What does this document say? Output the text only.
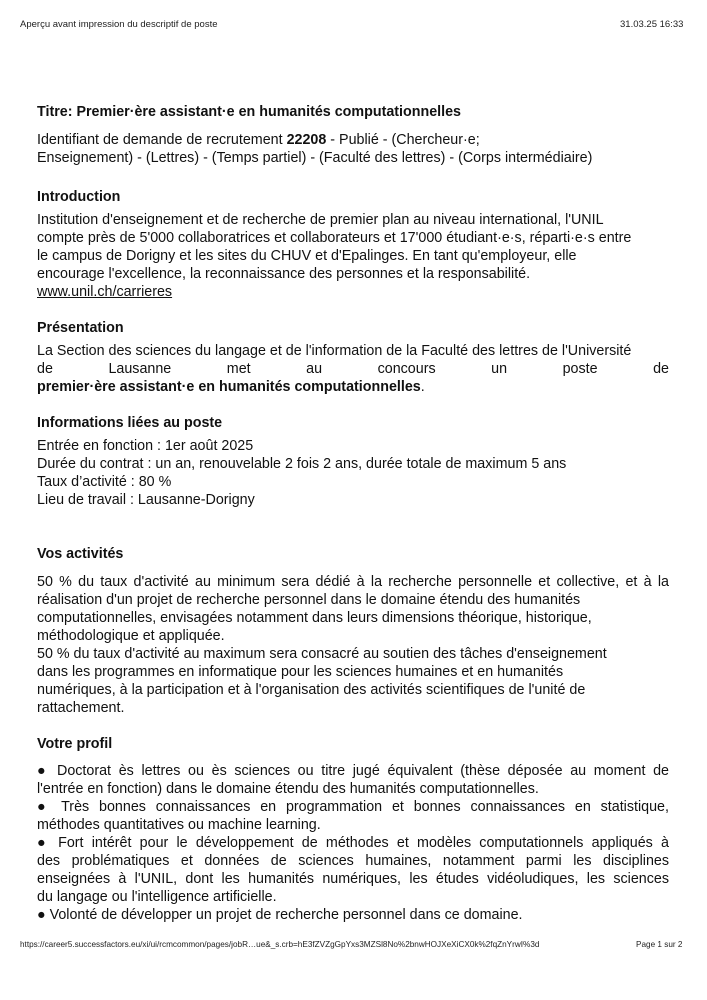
Aperçu avant impression du descriptif de poste	31.03.25 16:33
Titre: Premier·ère assistant·e en humanités computationnelles
Identifiant de demande de recrutement 22208 - Publié - (Chercheur·e;
Enseignement) - (Lettres) - (Temps partiel) - (Faculté des lettres) - (Corps intermédiaire)
Introduction
Institution d'enseignement et de recherche de premier plan au niveau international, l'UNIL
compte près de 5'000 collaboratrices et collaborateurs et 17'000 étudiant·e·s, réparti·e·s entre
le campus de Dorigny et les sites du CHUV et d'Epalinges. En tant qu'employeur, elle
encourage l'excellence, la reconnaissance des personnes et la responsabilité.
www.unil.ch/carrieres
Présentation
La Section des sciences du langage et de l'information de la Faculté des lettres de l'Université
de	Lausanne	met	au	concours	un	poste	de
premier·ère assistant·e en humanités computationnelles.
Informations liées au poste
Entrée en fonction : 1er août 2025
Durée du contrat : un an, renouvelable 2 fois 2 ans, durée totale de maximum 5 ans
Taux d’activité : 80 %
Lieu de travail : Lausanne-Dorigny
Vos activités
50 % du taux d'activité au minimum sera dédié à la recherche personnelle et collective, et à la
réalisation d'un projet de recherche personnel dans le domaine étendu des humanités
computationnelles, envisagées notamment dans leurs dimensions théorique, historique,
méthodologique et appliquée.
50 % du taux d'activité au maximum sera consacré au soutien des tâches d'enseignement
dans les programmes en informatique pour les sciences humaines et en humanités
numériques, à la participation et à l'organisation des activités scientifiques de l'unité de
rattachement.
Votre profil
● Doctorat ès lettres ou ès sciences ou titre jugé équivalent (thèse déposée au moment de
l'entrée en fonction) dans le domaine étendu des humanités computationnelles.
● Très bonnes connaissances en programmation et bonnes connaissances en statistique,
méthodes quantitatives ou machine learning.
● Fort intérêt pour le développement de méthodes et modèles computationnels appliqués à
des problématiques et données de sciences humaines, notamment parmi les disciplines
enseignées à l'UNIL, dont les humanités numériques, les études vidéoludiques, les sciences
du langage ou l'intelligence artificielle.
● Volonté de développer un projet de recherche personnel dans ce domaine.
https://career5.successfactors.eu/xi/ui/rcmcommon/pages/jobR…ue&_s.crb=hE3fZVZgGpYxs3MZSl8No%2bnwHOJXeXiCX0k%2fqZnYrwI%3d	Page 1 sur 2
